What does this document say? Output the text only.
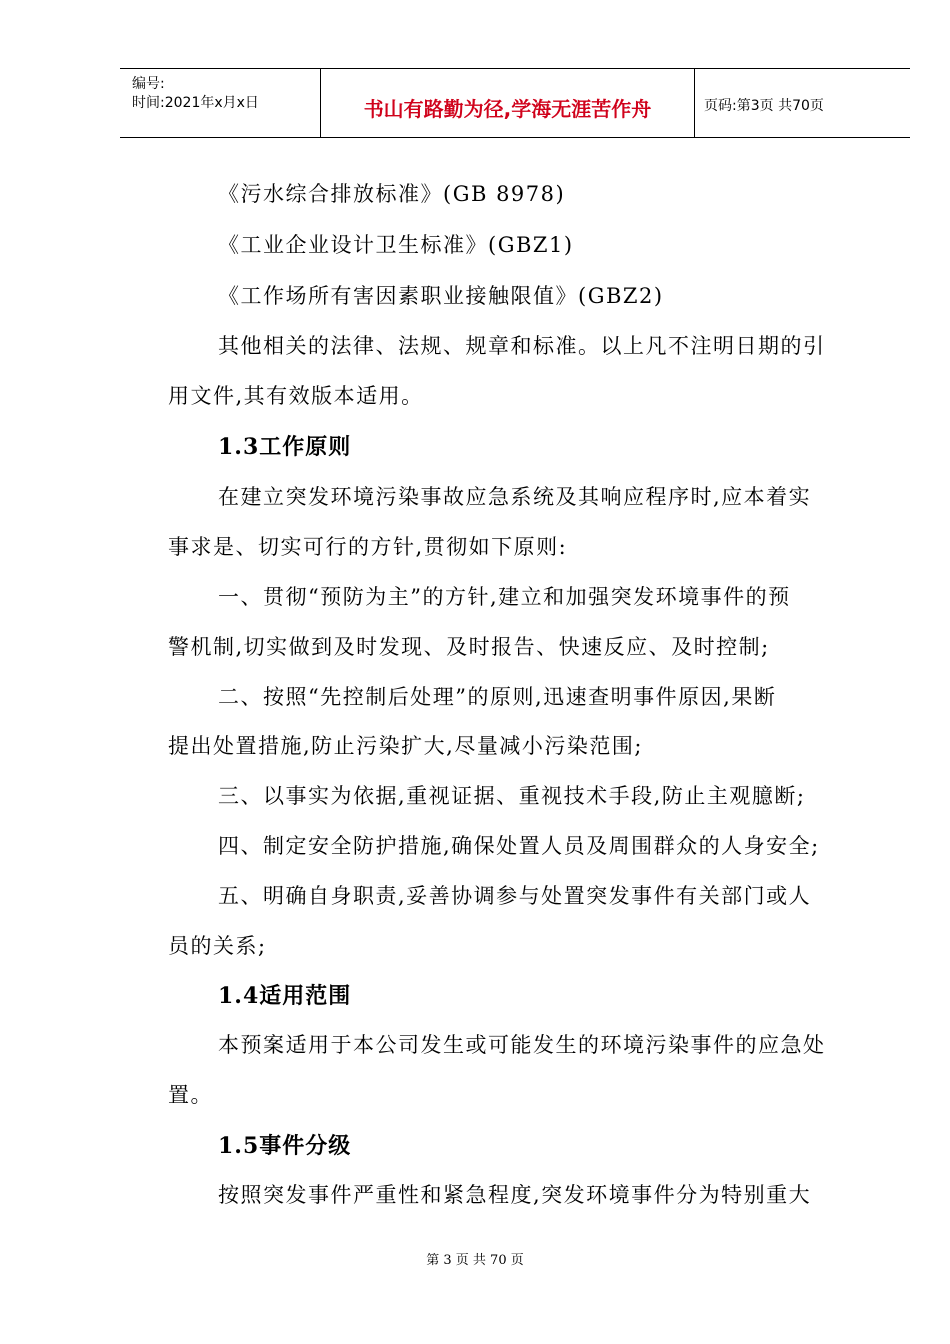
编号:
时间:2021年x月x日	书山有路勤为径,学海无涯苦作舟	页码:第3页 共70页
《污水综合排放标准》(GB 8978)
《工业企业设计卫生标准》(GBZ1)
《工作场所有害因素职业接触限值》(GBZ2)
其他相关的法律、法规、规章和标准。以上凡不注明日期的引
用文件,其有效版本适用。
1.3工作原则
在建立突发环境污染事故应急系统及其响应程序时,应本着实
事求是、切实可行的方针,贯彻如下原则:
一、贯彻“预防为主”的方针,建立和加强突发环境事件的预
警机制,切实做到及时发现、及时报告、快速反应、及时控制;
二、按照“先控制后处理”的原则,迅速查明事件原因,果断
提出处置措施,防止污染扩大,尽量减小污染范围;
三、以事实为依据,重视证据、重视技术手段,防止主观臆断;
四、制定安全防护措施,确保处置人员及周围群众的人身安全;
五、明确自身职责,妥善协调参与处置突发事件有关部门或人
员的关系;
1.4适用范围
本预案适用于本公司发生或可能发生的环境污染事件的应急处
置。
1.5事件分级
按照突发事件严重性和紧急程度,突发环境事件分为特别重大
第 3 页 共 70 页
